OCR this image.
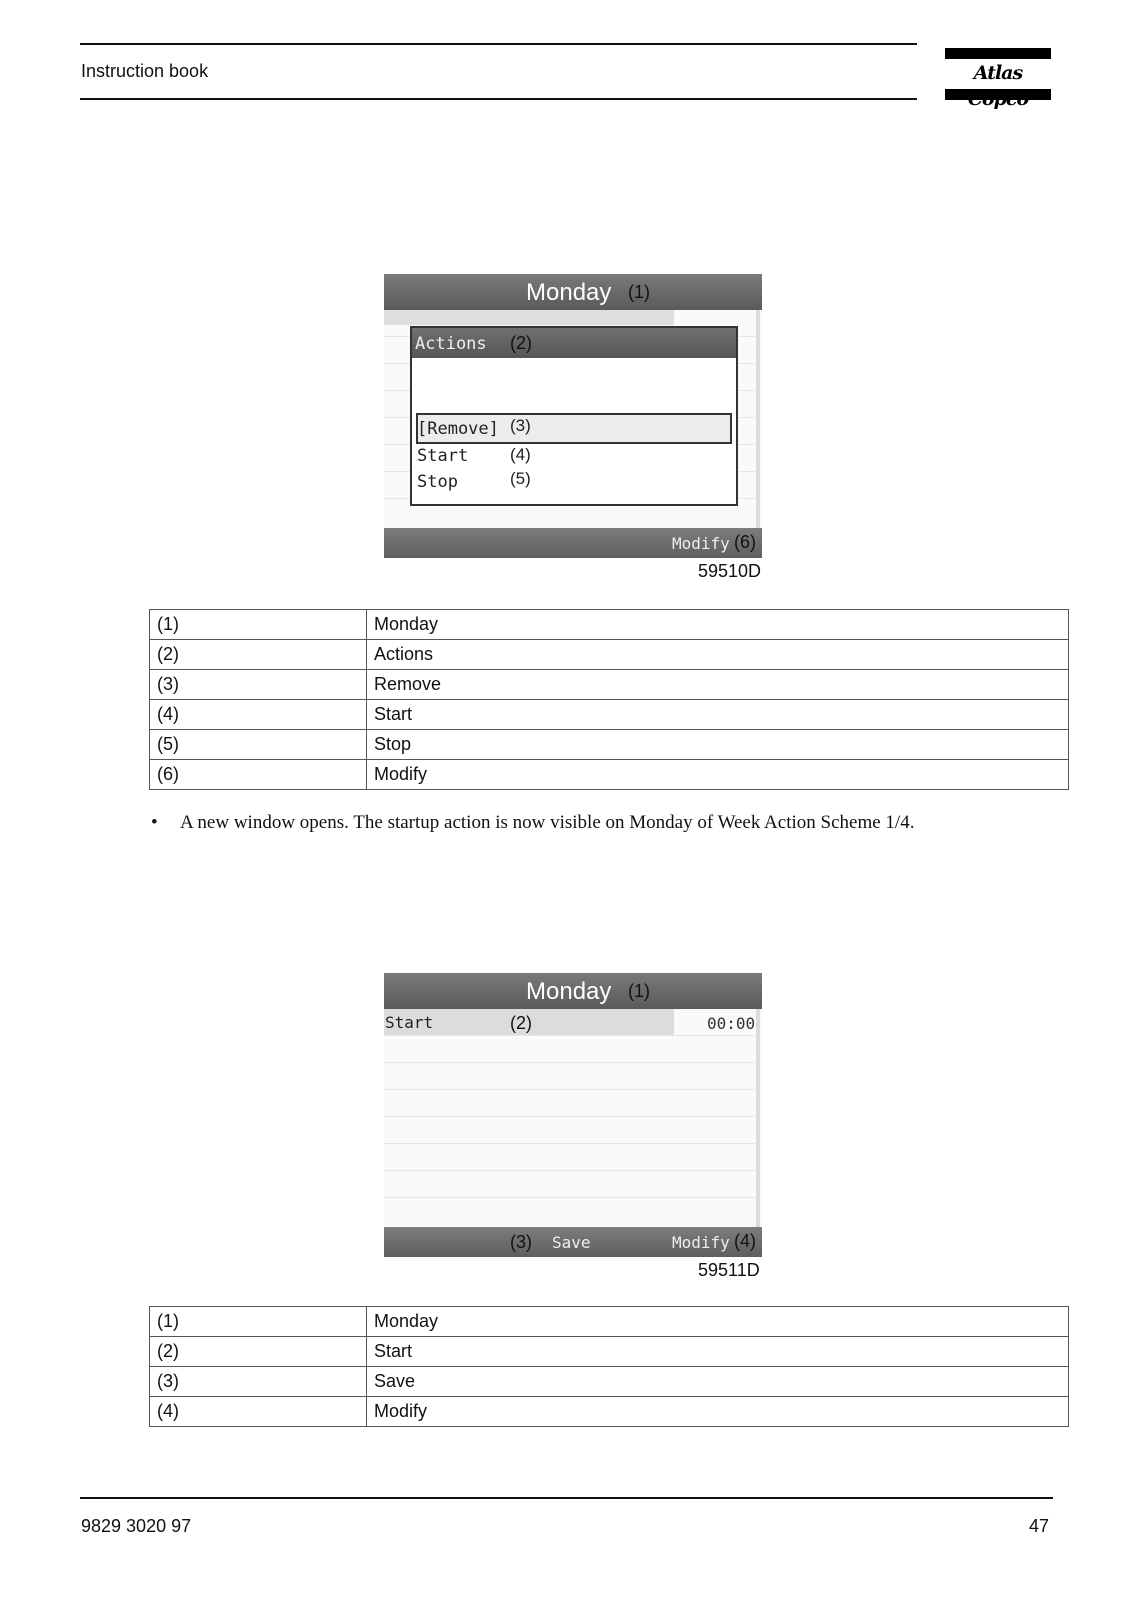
Instruction book	Atlas
Monday (1)
Actions (2)
[Remove] (3)
Start (4)
Stop	(5)
Modify (6)
59510D
(1)	Monday
(2)	Actions
(3)	Remove
(4)	Start
(5)	Stop
(6)	Modify
• A new window opens. The startup action is now visible on Monday of Week Action Scheme 1/4.
Monday (1)
Start	(2)	00:00
(3) Save	Modify (4)
59511D
(1)	Monday
(2)	Start
(3)	Save
(4)	Modify
9829 3020 97	47
